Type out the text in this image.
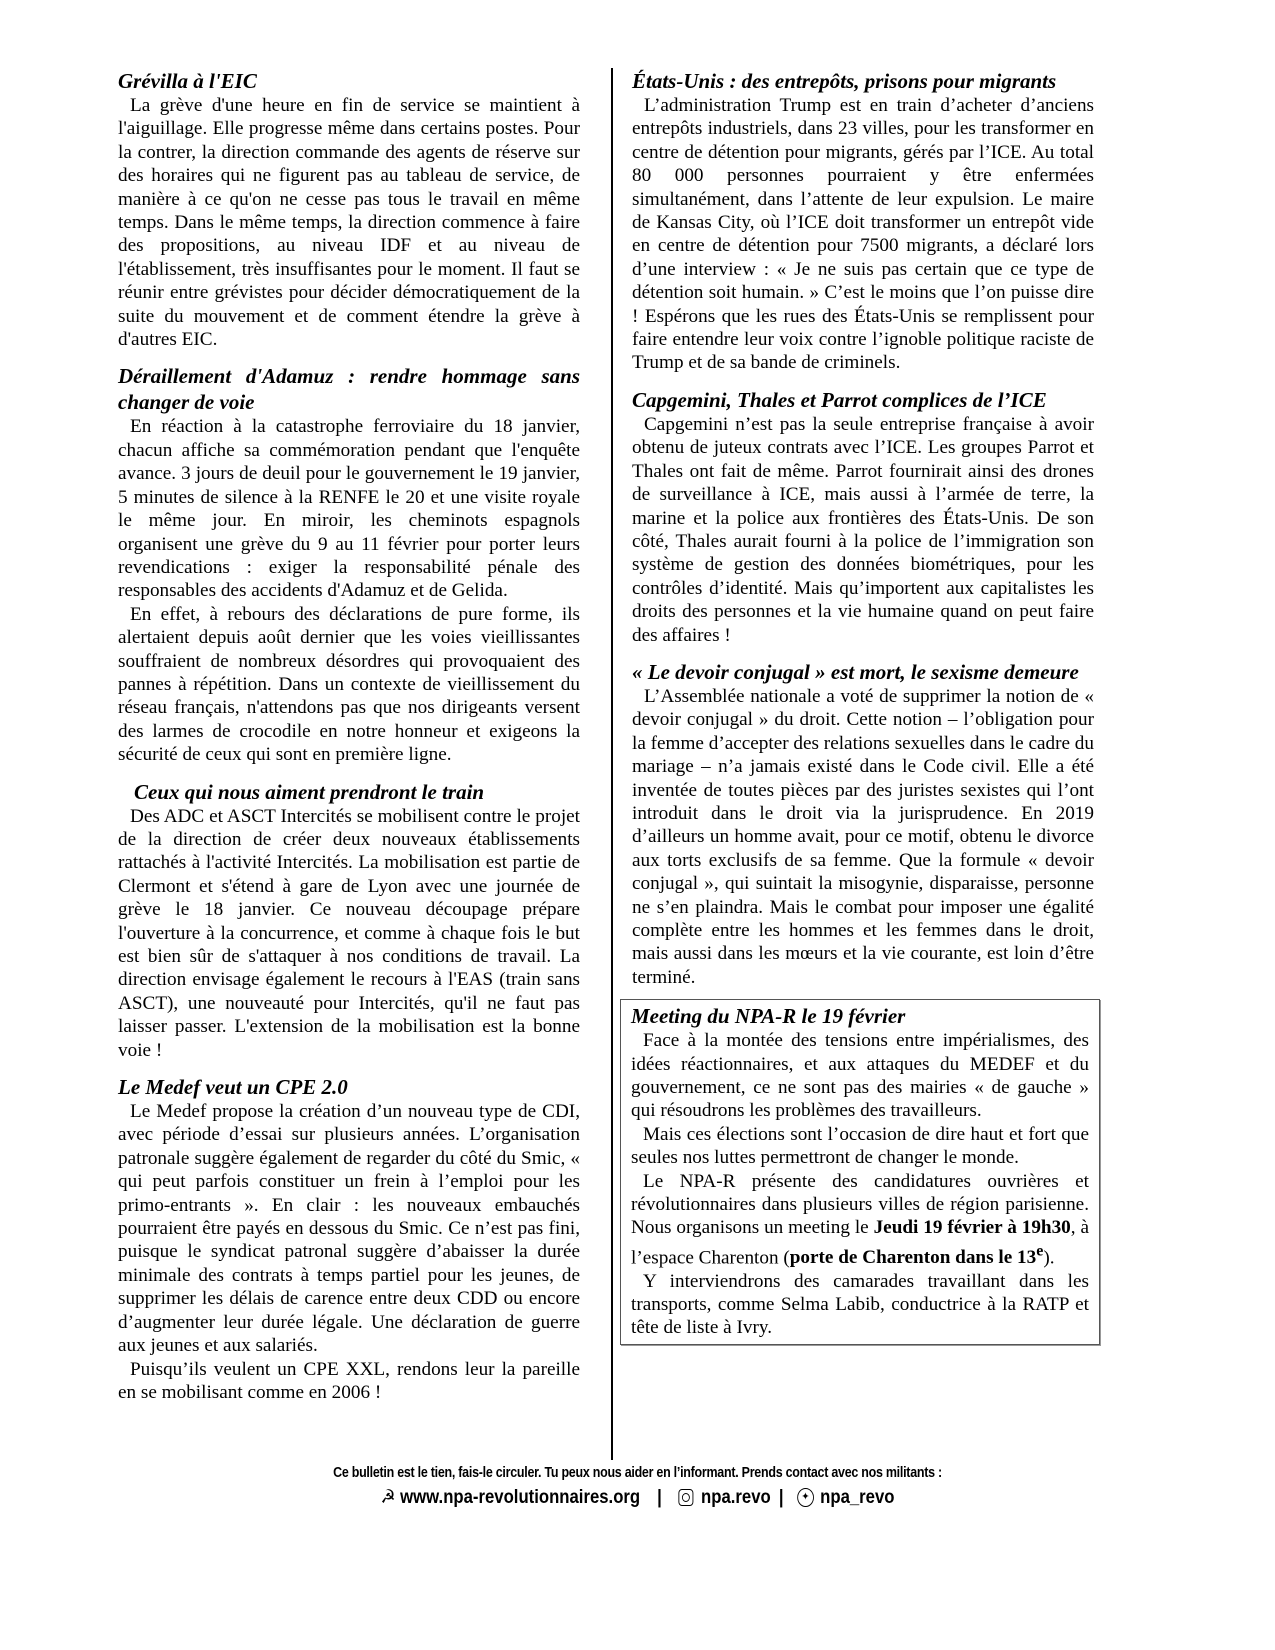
Grévilla à l'EIC

La grève d'une heure en fin de service se maintient à l'aiguillage. Elle progresse même dans certains postes. Pour la contrer, la direction commande des agents de réserve sur des horaires qui ne figurent pas au tableau de service, de manière à ce qu'on ne cesse pas tous le travail en même temps. Dans le même temps, la direction commence à faire des propositions, au niveau IDF et au niveau de l'établissement, très insuffisantes pour le moment. Il faut se réunir entre grévistes pour décider démocratiquement de la suite du mouvement et de comment étendre la grève à d'autres EIC.

Déraillement d'Adamuz : rendre hommage sans changer de voie

En réaction à la catastrophe ferroviaire du 18 janvier, chacun affiche sa commémoration pendant que l'enquête avance. 3 jours de deuil pour le gouvernement le 19 janvier, 5 minutes de silence à la RENFE le 20 et une visite royale le même jour. En miroir, les cheminots espagnols organisent une grève du 9 au 11 février pour porter leurs revendications : exiger la responsabilité pénale des responsables des accidents d'Adamuz et de Gelida.

En effet, à rebours des déclarations de pure forme, ils alertaient depuis août dernier que les voies vieillissantes souffraient de nombreux désordres qui provoquaient des pannes à répétition. Dans un contexte de vieillissement du réseau français, n'attendons pas que nos dirigeants versent des larmes de crocodile en notre honneur et exigeons la sécurité de ceux qui sont en première ligne.

Ceux qui nous aiment prendront le train

Des ADC et ASCT Intercités se mobilisent contre le projet de la direction de créer deux nouveaux établissements rattachés à l'activité Intercités. La mobilisation est partie de Clermont et s'étend à gare de Lyon avec une journée de grève le 18 janvier. Ce nouveau découpage prépare l'ouverture à la concurrence, et comme à chaque fois le but est bien sûr de s'attaquer à nos conditions de travail. La direction envisage également le recours à l'EAS (train sans ASCT), une nouveauté pour Intercités, qu'il ne faut pas laisser passer. L'extension de la mobilisation est la bonne voie !

Le Medef veut un CPE 2.0

Le Medef propose la création d’un nouveau type de CDI, avec période d’essai sur plusieurs années. L’organisation patronale suggère également de regarder du côté du Smic, « qui peut parfois constituer un frein à l’emploi pour les primo-entrants ». En clair : les nouveaux embauchés pourraient être payés en dessous du Smic. Ce n’est pas fini, puisque le syndicat patronal suggère d’abaisser la durée minimale des contrats à temps partiel pour les jeunes, de supprimer les délais de carence entre deux CDD ou encore d’augmenter leur durée légale. Une déclaration de guerre aux jeunes et aux salariés.

Puisqu’ils veulent un CPE XXL, rendons leur la pareille en se mobilisant comme en 2006 !

États-Unis : des entrepôts, prisons pour migrants

L’administration Trump est en train d’acheter d’anciens entrepôts industriels, dans 23 villes, pour les transformer en centre de détention pour migrants, gérés par l’ICE. Au total 80 000 personnes pourraient y être enfermées simultanément, dans l’attente de leur expulsion. Le maire de Kansas City, où l’ICE doit transformer un entrepôt vide en centre de détention pour 7500 migrants, a déclaré lors d’une interview : « Je ne suis pas certain que ce type de détention soit humain. » C’est le moins que l’on puisse dire ! Espérons que les rues des États-Unis se remplissent pour faire entendre leur voix contre l’ignoble politique raciste de Trump et de sa bande de criminels.

Capgemini, Thales et Parrot complices de l’ICE

Capgemini n’est pas la seule entreprise française à avoir obtenu de juteux contrats avec l’ICE. Les groupes Parrot et Thales ont fait de même. Parrot fournirait ainsi des drones de surveillance à ICE, mais aussi à l’armée de terre, la marine et la police aux frontières des États-Unis. De son côté, Thales aurait fourni à la police de l’immigration son système de gestion des données biométriques, pour les contrôles d’identité. Mais qu’importent aux capitalistes les droits des personnes et la vie humaine quand on peut faire des affaires !

« Le devoir conjugal » est mort, le sexisme demeure

L’Assemblée nationale a voté de supprimer la notion de « devoir conjugal » du droit. Cette notion – l’obligation pour la femme d’accepter des relations sexuelles dans le cadre du mariage – n’a jamais existé dans le Code civil. Elle a été inventée de toutes pièces par des juristes sexistes qui l’ont introduit dans le droit via la jurisprudence. En 2019 d’ailleurs un homme avait, pour ce motif, obtenu le divorce aux torts exclusifs de sa femme. Que la formule « devoir conjugal », qui suintait la misogynie, disparaisse, personne ne s’en plaindra. Mais le combat pour imposer une égalité complète entre les hommes et les femmes dans le droit, mais aussi dans les mœurs et la vie courante, est loin d’être terminé.

Meeting du NPA-R le 19 février

Face à la montée des tensions entre impérialismes, des idées réactionnaires, et aux attaques du MEDEF et du gouvernement, ce ne sont pas des mairies « de gauche » qui résoudrons les problèmes des travailleurs.

Mais ces élections sont l’occasion de dire haut et fort que seules nos luttes permettront de changer le monde.

Le NPA-R présente des candidatures ouvrières et révolutionnaires dans plusieurs villes de région parisienne. Nous organisons un meeting le Jeudi 19 février à 19h30, à l’espace Charenton (porte de Charenton dans le 13e).

Y interviendrons des camarades travaillant dans les transports, comme Selma Labib, conductrice à la RATP et tête de liste à Ivry.

Ce bulletin est le tien, fais-le circuler. Tu peux nous aider en l’informant. Prends contact avec nos militants :
☭ www.npa-revolutionnaires.org | npa.revo | ✦ npa_revo
